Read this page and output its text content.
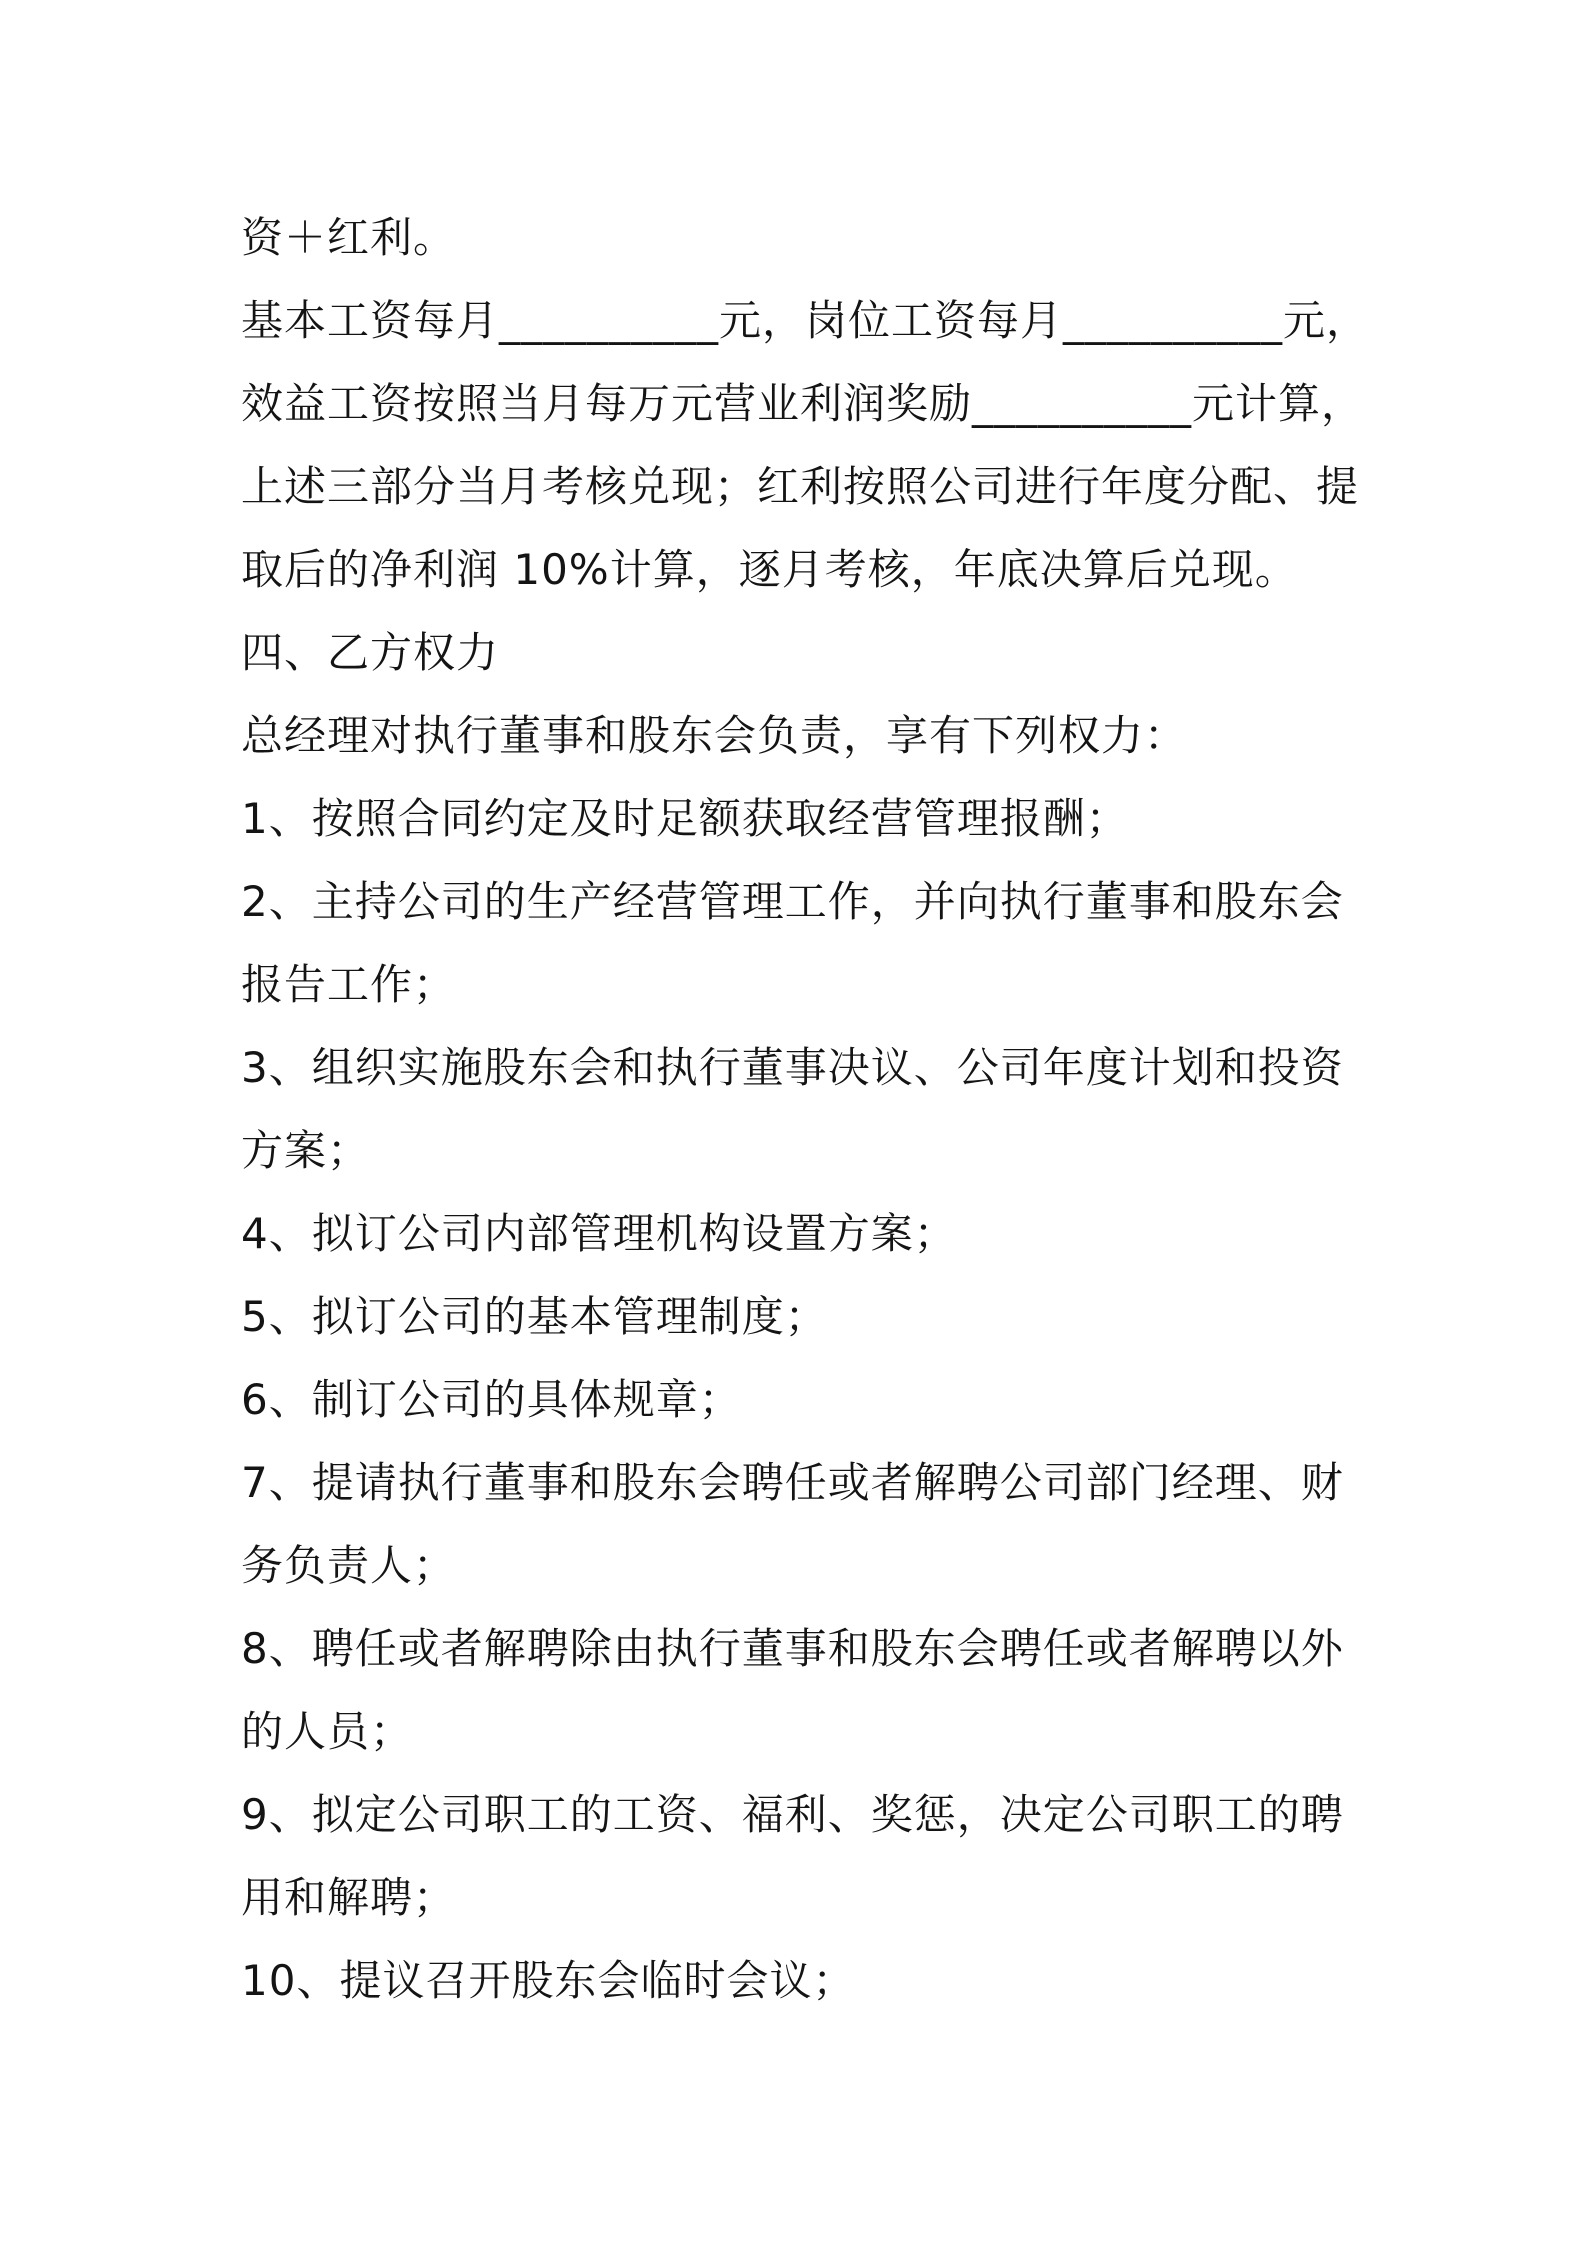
资＋红利。
基本工资每月__________元，岗位工资每月__________元，
效益工资按照当月每万元营业利润奖励__________元计算，
上述三部分当月考核兑现；红利按照公司进行年度分配、提
取后的净利润 10%计算，逐月考核，年底决算后兑现。
四、乙方权力
总经理对执行董事和股东会负责，享有下列权力：
1、按照合同约定及时足额获取经营管理报酬；
2、主持公司的生产经营管理工作，并向执行董事和股东会
报告工作；
3、组织实施股东会和执行董事决议、公司年度计划和投资
方案；
4、拟订公司内部管理机构设置方案；
5、拟订公司的基本管理制度；
6、制订公司的具体规章；
7、提请执行董事和股东会聘任或者解聘公司部门经理、财
务负责人；
8、聘任或者解聘除由执行董事和股东会聘任或者解聘以外
的人员；
9、拟定公司职工的工资、福利、奖惩，决定公司职工的聘
用和解聘；
10、提议召开股东会临时会议；
